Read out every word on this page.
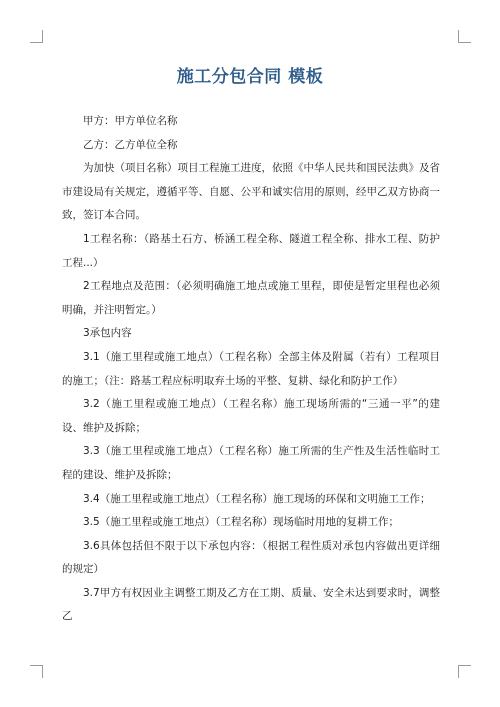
施工分包合同 模板

甲方：甲方单位名称

乙方：乙方单位全称

为加快（项目名称）项目工程施工进度，依照《中华人民共和国民法典》及省市建设局有关规定，遵循平等、自愿、公平和诚实信用的原则，经甲乙双方协商一致，签订本合同。

1工程名称：（路基土石方、桥涵工程全称、隧道工程全称、排水工程、防护工程...）

2工程地点及范围：（必须明确施工地点或施工里程，即使是暂定里程也必须明确，并注明暂定。）

3承包内容

3.1（施工里程或施工地点）（工程名称）全部主体及附属（若有）工程项目的施工；（注：路基工程应标明取弃土场的平整、复耕、绿化和防护工作）

3.2（施工里程或施工地点）（工程名称）施工现场所需的“三通一平”的建设、维护及拆除；

3.3（施工里程或施工地点）（工程名称）施工所需的生产性及生活性临时工程的建设、维护及拆除；

3.4（施工里程或施工地点）（工程名称）施工现场的环保和文明施工工作；

3.5（施工里程或施工地点）（工程名称）现场临时用地的复耕工作；

3.6具体包括但不限于以下承包内容：（根据工程性质对承包内容做出更详细的规定）

3.7甲方有权因业主调整工期及乙方在工期、质量、安全未达到要求时，调整乙
